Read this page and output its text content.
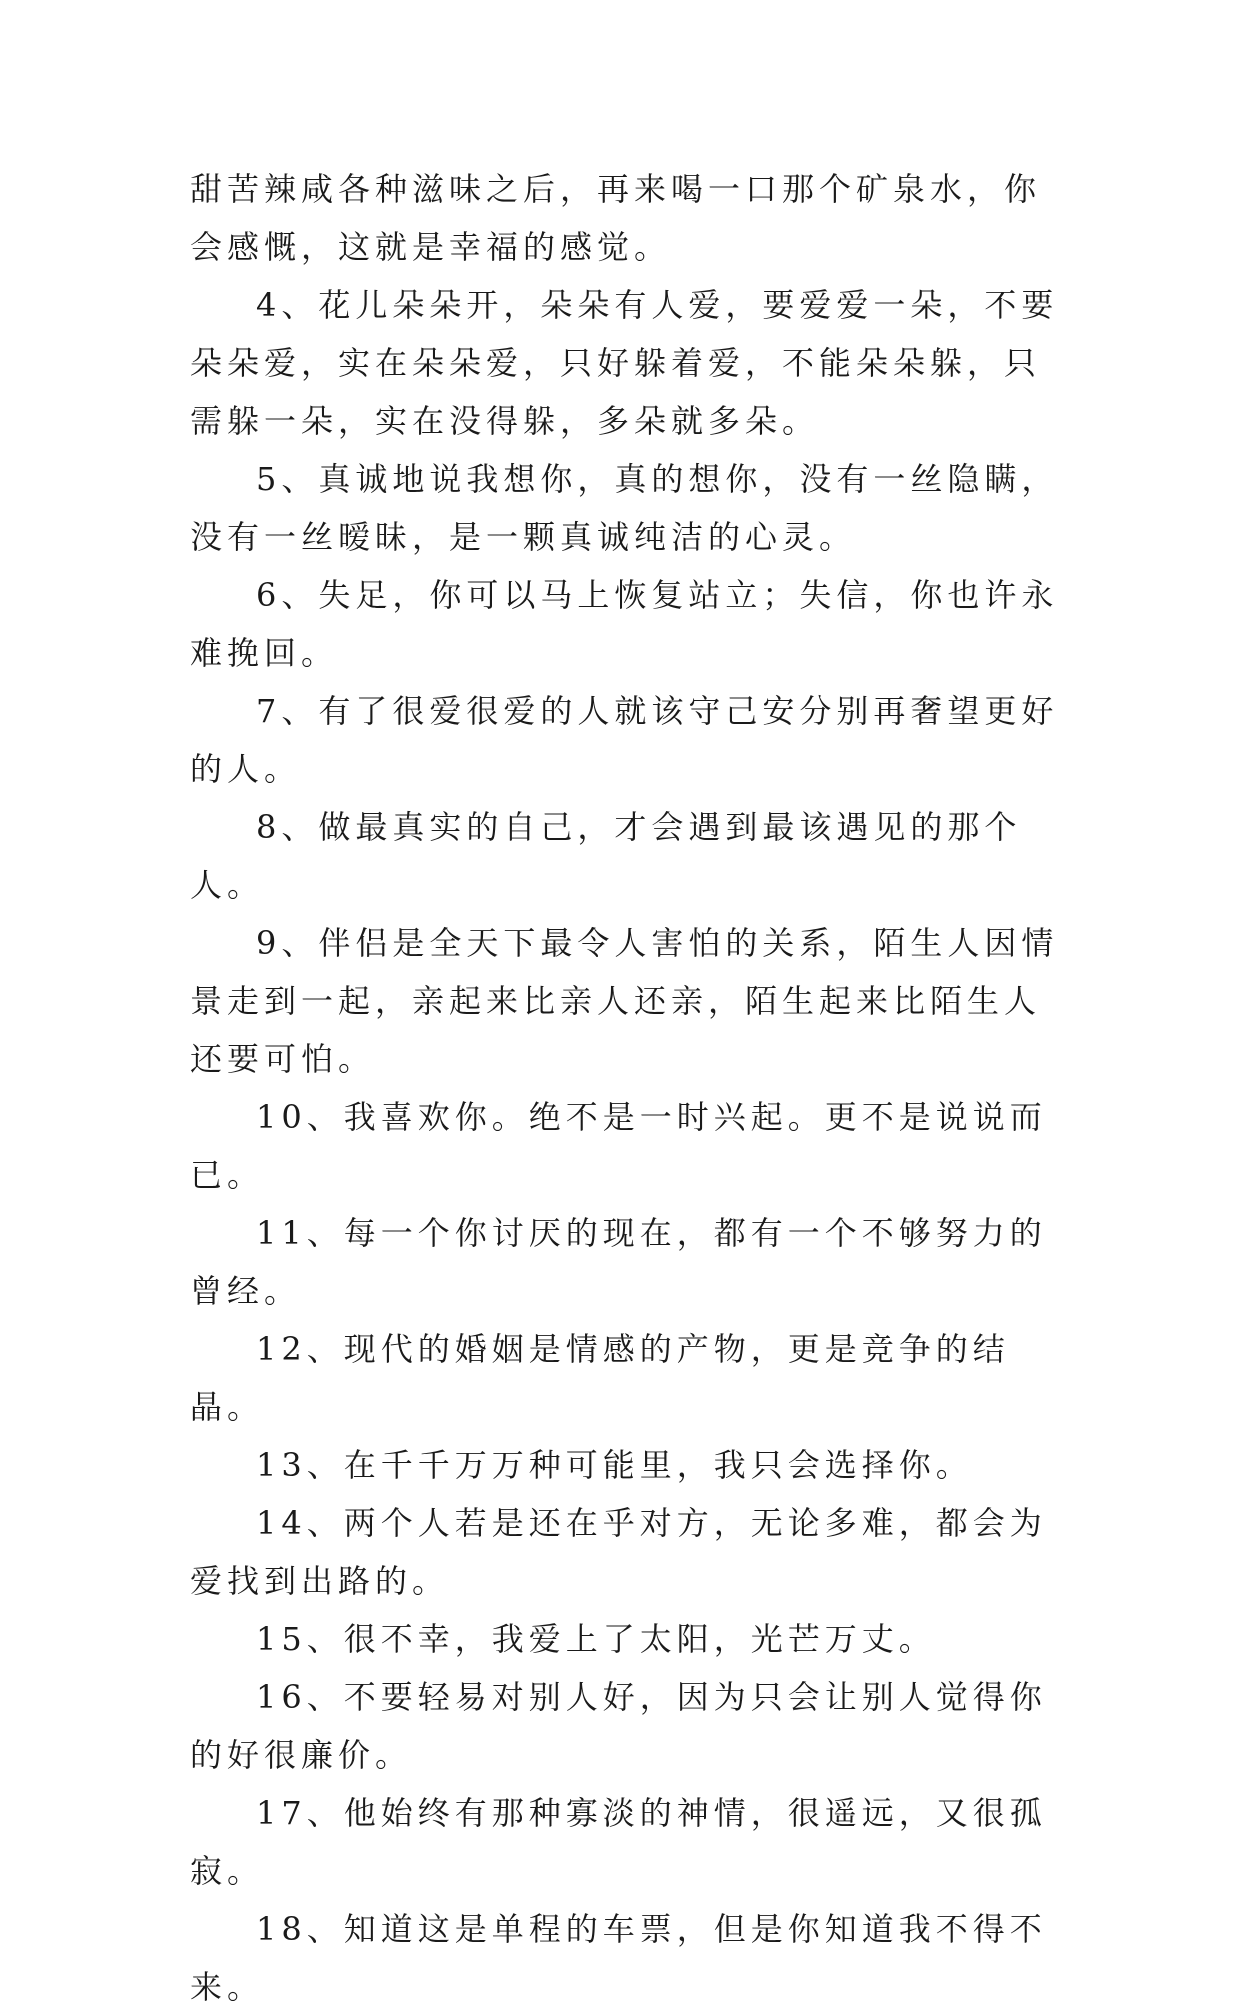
甜苦辣咸各种滋味之后，再来喝一口那个矿泉水，你会感慨，这就是幸福的感觉。

4、花儿朵朵开，朵朵有人爱，要爱爱一朵，不要朵朵爱，实在朵朵爱，只好躲着爱，不能朵朵躲，只需躲一朵，实在没得躲，多朵就多朵。

5、真诚地说我想你，真的想你，没有一丝隐瞒，没有一丝暧昧，是一颗真诚纯洁的心灵。

6、失足，你可以马上恢复站立；失信，你也许永难挽回。

7、有了很爱很爱的人就该守己安分别再奢望更好的人。

8、做最真实的自己，才会遇到最该遇见的那个人。

9、伴侣是全天下最令人害怕的关系，陌生人因情景走到一起，亲起来比亲人还亲，陌生起来比陌生人还要可怕。

10、我喜欢你。绝不是一时兴起。更不是说说而已。

11、每一个你讨厌的现在，都有一个不够努力的曾经。

12、现代的婚姻是情感的产物，更是竞争的结晶。

13、在千千万万种可能里，我只会选择你。

14、两个人若是还在乎对方，无论多难，都会为爱找到出路的。

15、很不幸，我爱上了太阳，光芒万丈。

16、不要轻易对别人好，因为只会让别人觉得你的好很廉价。

17、他始终有那种寡淡的神情，很遥远，又很孤寂。

18、知道这是单程的车票，但是你知道我不得不来。
